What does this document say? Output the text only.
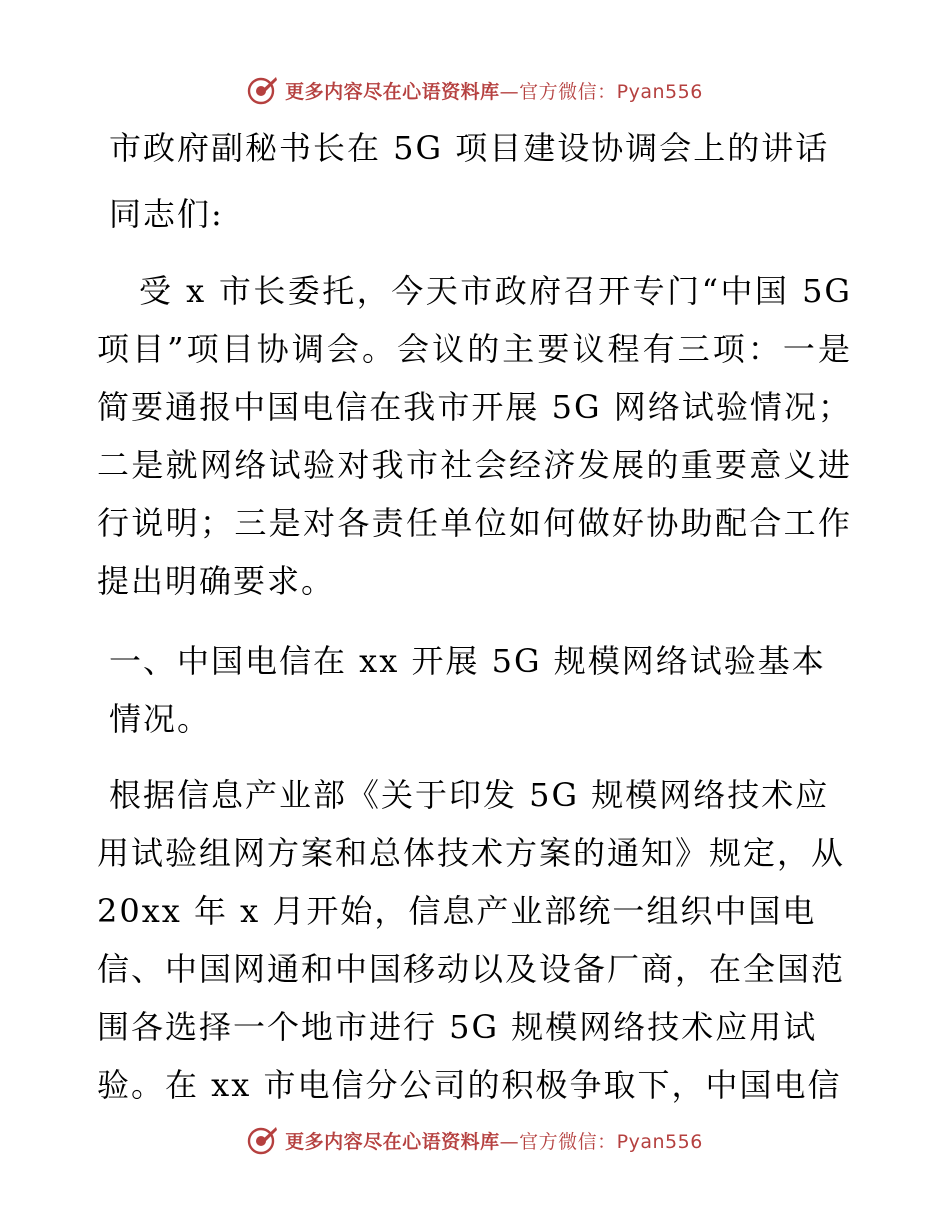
更多内容尽在心语资料库—官方微信：Pyan556
市政府副秘书长在 5G 项目建设协调会上的讲话
同志们:
受 x 市长委托，今天市政府召开专门“中国 5G 项目”项目协调会。会议的主要议程有三项：一是简要通报中国电信在我市开展 5G 网络试验情况；二是就网络试验对我市社会经济发展的重要意义进行说明；三是对各责任单位如何做好协助配合工作提出明确要求。
一、中国电信在 xx 开展 5G 规模网络试验基本情况。
根据信息产业部《关于印发 5G 规模网络技术应用试验组网方案和总体技术方案的通知》规定，从 20xx 年 x 月开始，信息产业部统一组织中国电信、中国网通和中国移动以及设备厂商，在全国范围各选择一个地市进行 5G 规模网络技术应用试验。在 xx 市电信分公司的积极争取下，中国电信
更多内容尽在心语资料库—官方微信：Pyan556
